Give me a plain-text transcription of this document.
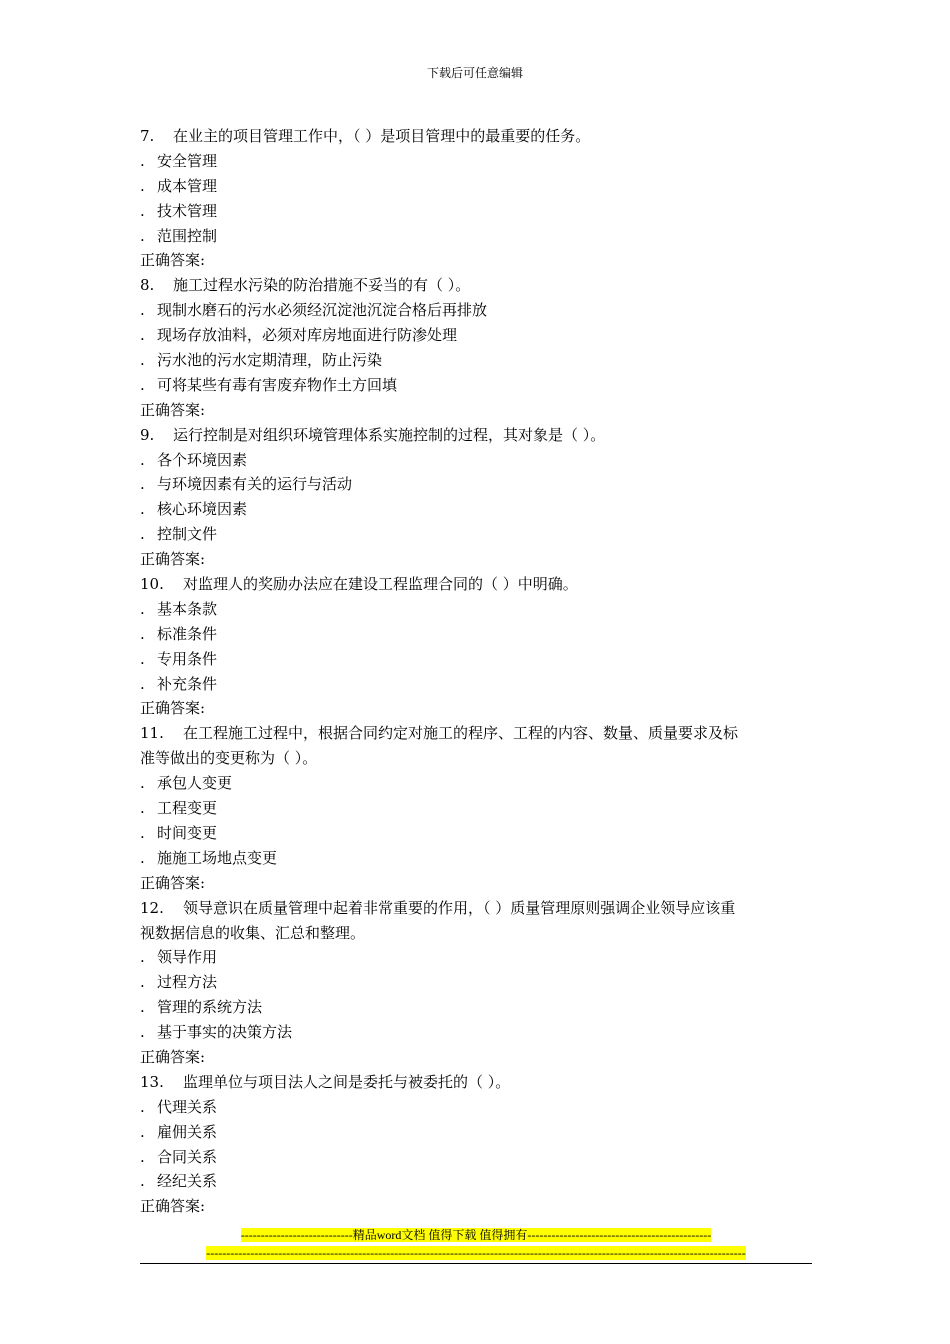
下载后可任意编辑
7. 在业主的项目管理工作中，（ ）是项目管理中的最重要的任务。
. 安全管理
. 成本管理
. 技术管理
. 范围控制
正确答案:
8. 施工过程水污染的防治措施不妥当的有（ ）。
. 现制水磨石的污水必须经沉淀池沉淀合格后再排放
. 现场存放油料，必须对库房地面进行防渗处理
. 污水池的污水定期清理，防止污染
. 可将某些有毒有害废弃物作土方回填
正确答案:
9. 运行控制是对组织环境管理体系实施控制的过程，其对象是（ ）。
. 各个环境因素
. 与环境因素有关的运行与活动
. 核心环境因素
. 控制文件
正确答案:
10. 对监理人的奖励办法应在建设工程监理合同的（ ）中明确。
. 基本条款
. 标准条件
. 专用条件
. 补充条件
正确答案:
11. 在工程施工过程中，根据合同约定对施工的程序、工程的内容、数量、质量要求及标
准等做出的变更称为（ ）。
. 承包人变更
. 工程变更
. 时间变更
. 施施工场地点变更
正确答案:
12. 领导意识在质量管理中起着非常重要的作用，（ ）质量管理原则强调企业领导应该重
视数据信息的收集、汇总和整理。
. 领导作用
. 过程方法
. 管理的系统方法
. 基于事实的决策方法
正确答案:
13. 监理单位与项目法人之间是委托与被委托的（ ）。
. 代理关系
. 雇佣关系
. 合同关系
. 经纪关系
正确答案:
----------------------------精品word文档 值得下载 值得拥有----------------------------------------------
---------------------------------------------------------------------------------------------------------------------------------------
